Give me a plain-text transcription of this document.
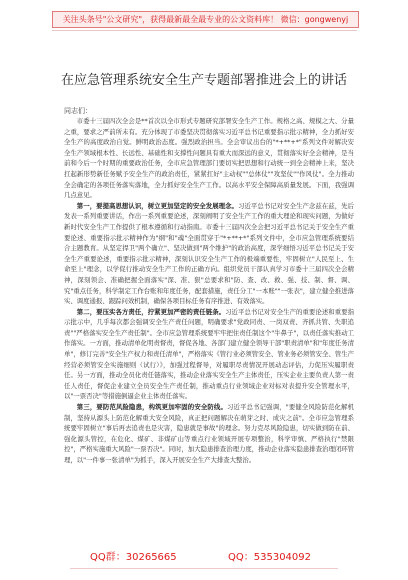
关注头条号"公文研究"，获得最新最全最专业的公文资料库！ 微信：gongwenyj
在应急管理系统安全生产专题部署推进会上的讲话
同志们：

市委十三届四次全会是**首次以全市形式专题研究部署安全生产工作。规格之高、规模之大、分量之重，要求之严前所未有。充分体现了市委坚决贯彻落实习近平总书记重要指示批示精神，全力抓好安全生产的高度政治自觉。鲜明政治态度。强烈政治担当。全会审议出台的"*+**+*"系列文件对解决安全生产领域根本性、长远性、基础性和支撑性问题具有重大而深远的意义，贯彻落实好全会精神，是当前和今后一个时期的重要政治任务，全市应急管理部门要切实把思想和行动统一到全会精神上来，坚决扛起新形势新任务赋予安全生产的政治责任，紧紧扛好"主动权""总体仗""攻坚仗""作风仗"。全力推动全会确定的各项任务落实落地，全力抓好安全生产工作。以高水平安全保障高质量发展。下面，我强调几点意见。

第一，要提高思想认识，树立更加坚定的安全发展理念。习近平总书记对安全生产念兹在兹，先后发表一系列重要讲话，作出一系列重要论述，深刻阐明了安全生产工作的重大理论和现实问题，为做好新时代安全生产工作提供了根本遵循和行动指南。市委十三届四次全会把习近平总书记关于安全生产重要论述、重要指示批示精神作为"纲"和"魂"全面贯穿于"*+**+*"系列文件中，全市应急管理系统要结合主题教育。从坚定捍卫"两个确立"、坚决做到"两个维护"的政治高度，深学细悟习近平总书记关于安全生产重要论述，重要指示批示精神，深刻认识安全生产工作的极端重要性，牢固树立"人民至上、生命至上"理念，以学促行推动安全生产工作的正确方向。组织党员干部认真学习市委十三届四次全会精神，深刻领会、准确把握全面落实"深、准、狠"总要求和"防、查、改、救、强、技、制、督、调、究"重点任务，科学制定工作台账和年度任务，配套措施，责任分工"一本账""一张表"，建立健全推进落实、调度通报、跟踪问效机制，确保各项目标任务有序推进、有效落实。

第二，要压实各方责任，拧紧更加严密的责任链条。习近平总书记对安全生产的重要论述和重要指示批示中，几乎每次都会强调安全生产责任问题，明确要求"党政同责、一岗双责、齐抓共管、失职追责""严格落实安全生产责任制"。全市应急管理系统要牢牢把住责任制这个"牛鼻子"，以责任落实推动工作落实。一方面，推动清单化明责督责，督促各地、各部门建立健全领导干部"职责清单"和"年度任务清单"，修订完善"安全生产权力和责任清单"，严格落实《管行业必须管安全、管业务必须管安全、管生产经营必须管安全实施细则（试行）》，加强过程督导，对履职尽责情况开展动态评估，力促压实履职责任。另一方面，推动全员化责任链落实，推动企业落实安全生产主体责任，压实企业主要负责人第一责任人责任，督促企业建立全员安全生产责任制，推动重点行业领域企业对标对表提升安全管理水平，以"一票否决"等措施倒逼企业主体责任落实。

第三，要防范风险隐患，构筑更加牢固的安全防线。习近平总书记强调，"要健全风险防范化解机制，坚持从源头上防范化解重大安全风险，真正把问题解决在萌芽之时、成灾之前"。全市应急管理系统要牢固树立"事后再去追责也是灾害，隐患就是事故"的理念。努力克尽风险隐患，切实做到防在前、强化源头管控，在危化、煤矿、非煤矿山等重点行业领域开展专项整治，科学审慎、严格执行"禁限控"，严格实施重大风险"一票否决"。同时，加大隐患排查治理力度，推动企业落实隐患排查治理闭环管理，以"一件事一张清单"为抓手，深入开展安全生产大排查大整治。

QQ群：30265665	QQ：535304092
